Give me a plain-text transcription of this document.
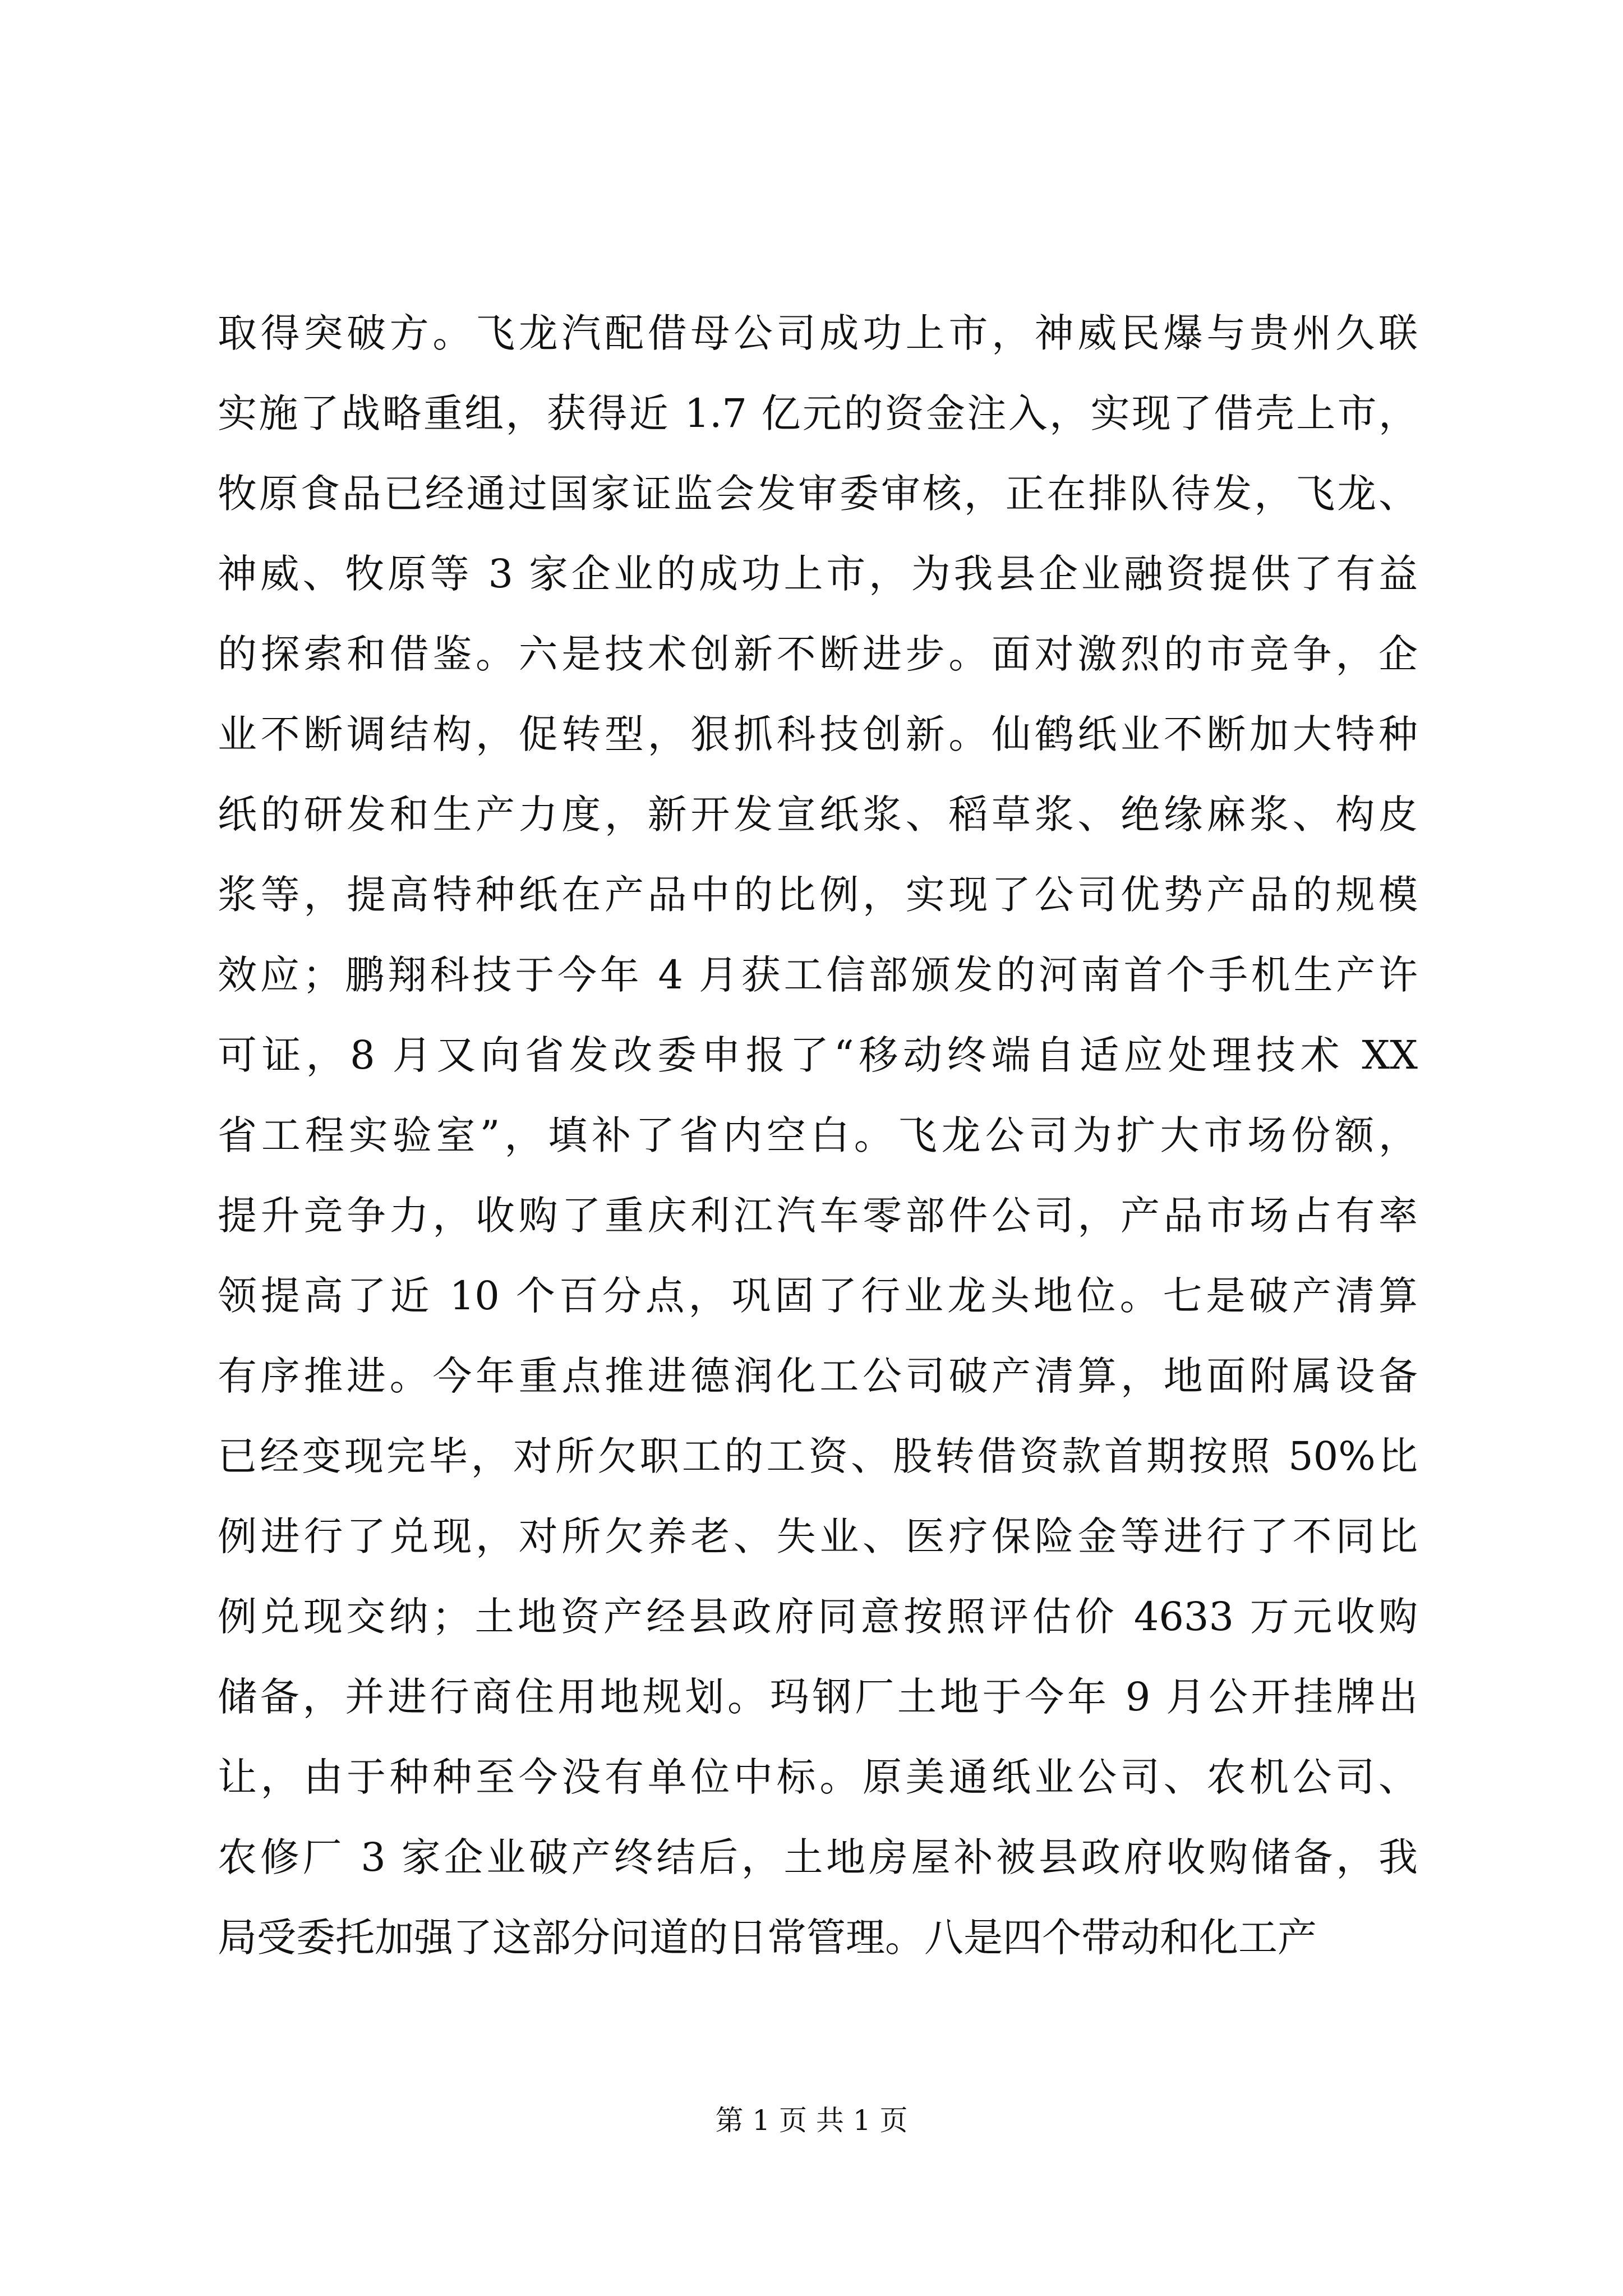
取得突破方。飞龙汽配借母公司成功上市，神威民爆与贵州久联
实施了战略重组，获得近 1.7 亿元的资金注入，实现了借壳上市，
牧原食品已经通过国家证监会发审委审核，正在排队待发，飞龙、
神威、牧原等 3 家企业的成功上市，为我县企业融资提供了有益
的探索和借鉴。六是技术创新不断进步。面对激烈的市竞争，企
业不断调结构，促转型，狠抓科技创新。仙鹤纸业不断加大特种
纸的研发和生产力度，新开发宣纸浆、稻草浆、绝缘麻浆、构皮
浆等，提高特种纸在产品中的比例，实现了公司优势产品的规模
效应；鹏翔科技于今年 4 月获工信部颁发的河南首个手机生产许
可证，8 月又向省发改委申报了“移动终端自适应处理技术 XX
省工程实验室”，填补了省内空白。飞龙公司为扩大市场份额，
提升竞争力，收购了重庆利江汽车零部件公司，产品市场占有率
领提高了近 10 个百分点，巩固了行业龙头地位。七是破产清算
有序推进。今年重点推进德润化工公司破产清算，地面附属设备
已经变现完毕，对所欠职工的工资、股转借资款首期按照 50%比
例进行了兑现，对所欠养老、失业、医疗保险金等进行了不同比
例兑现交纳；土地资产经县政府同意按照评估价 4633 万元收购
储备，并进行商住用地规划。玛钢厂土地于今年 9 月公开挂牌出
让，由于种种至今没有单位中标。原美通纸业公司、农机公司、
农修厂 3 家企业破产终结后，土地房屋补被县政府收购储备，我
局受委托加强了这部分问道的日常管理。八是四个带动和化工产
第 1 页 共 1 页
